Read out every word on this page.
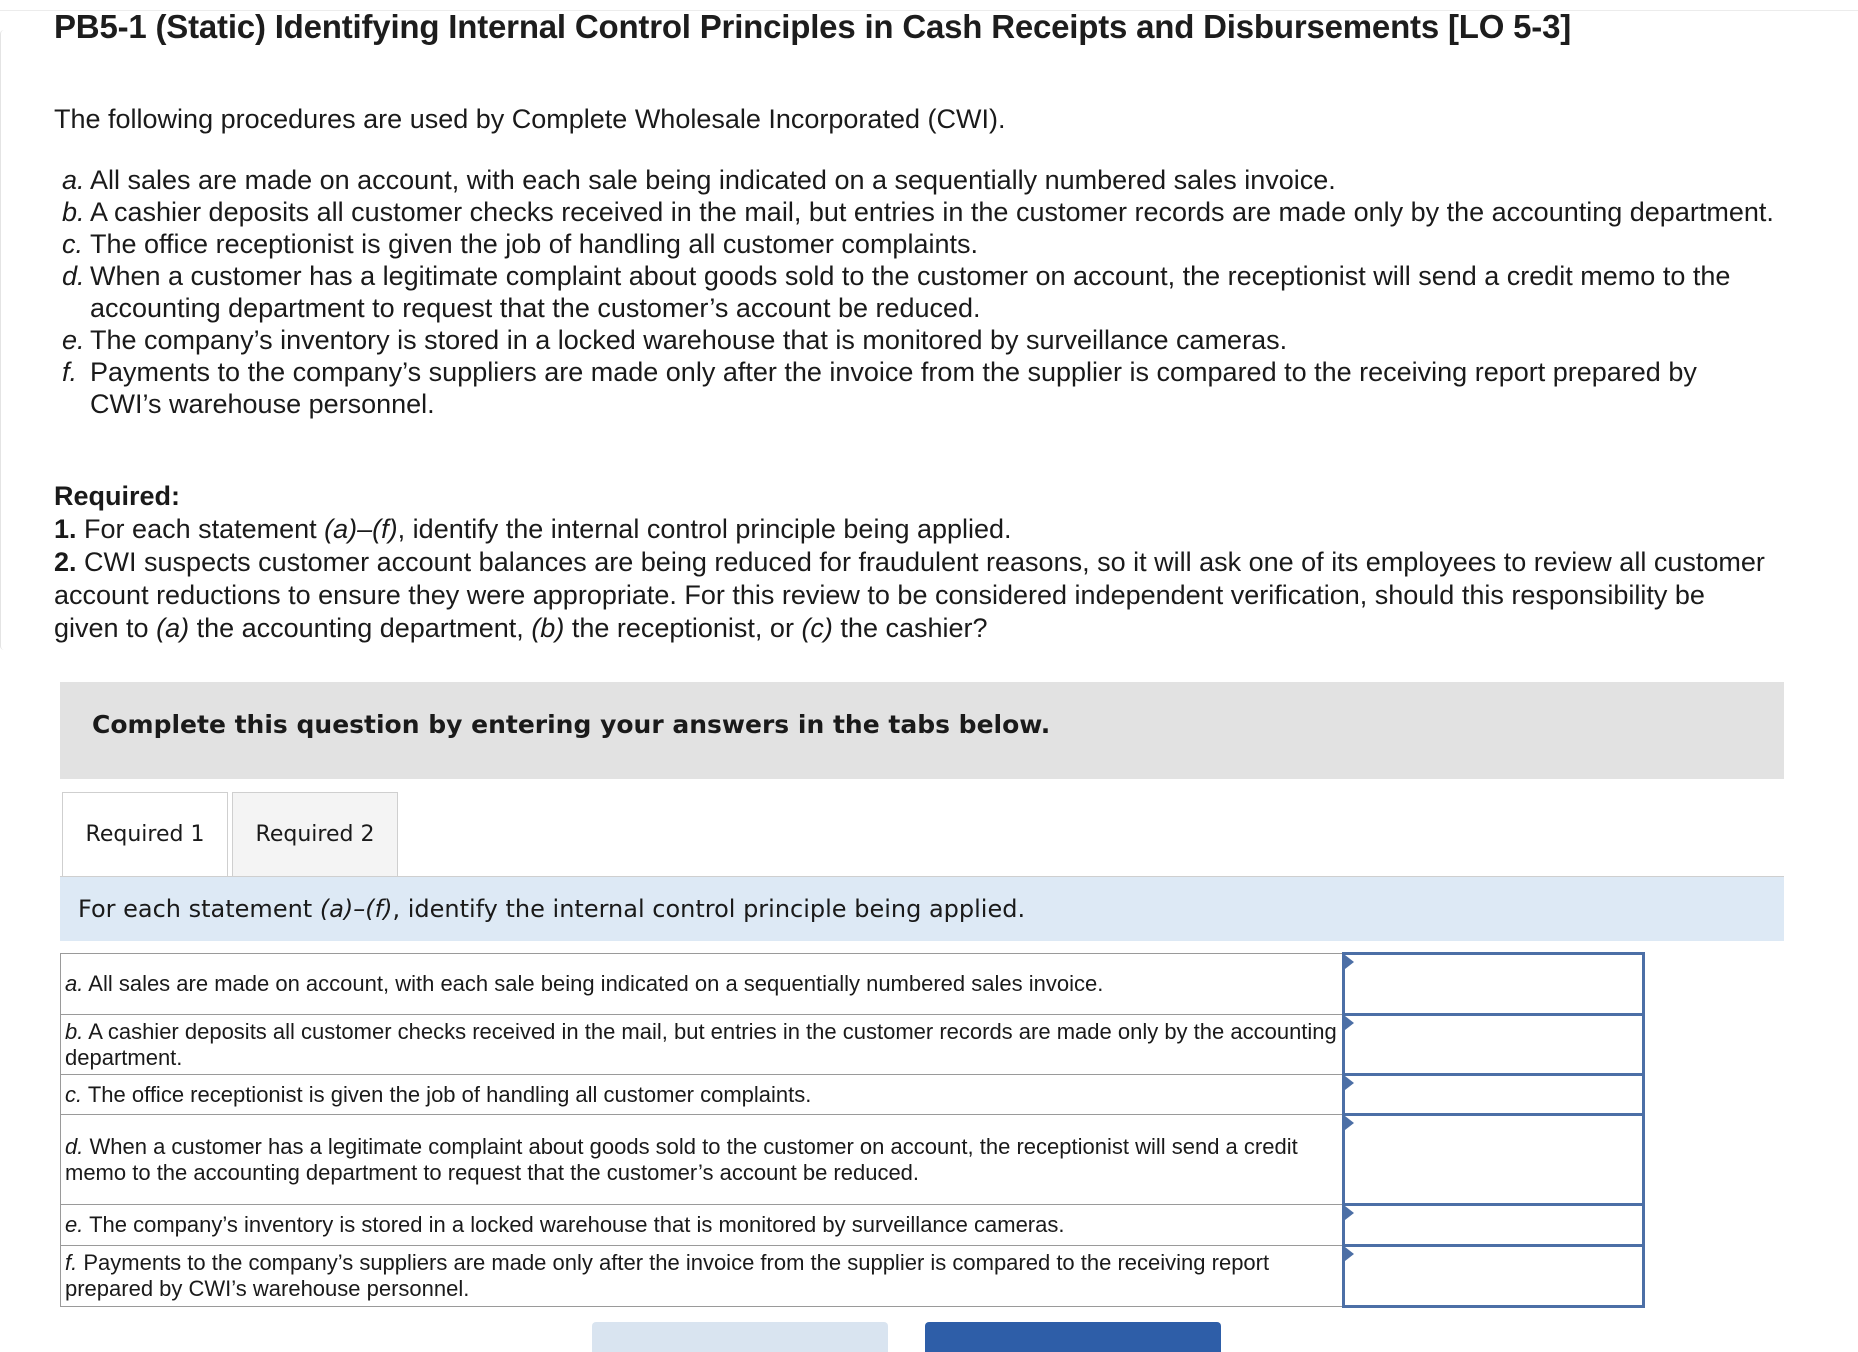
PB5-1 (Static) Identifying Internal Control Principles in Cash Receipts and Disbursements [LO 5-3]
The following procedures are used by Complete Wholesale Incorporated (CWI).
a. All sales are made on account, with each sale being indicated on a sequentially numbered sales invoice.
b. A cashier deposits all customer checks received in the mail, but entries in the customer records are made only by the accounting department.
c. The office receptionist is given the job of handling all customer complaints.
d. When a customer has a legitimate complaint about goods sold to the customer on account, the receptionist will send a credit memo to the accounting department to request that the customer’s account be reduced.
e. The company’s inventory is stored in a locked warehouse that is monitored by surveillance cameras.
f. Payments to the company’s suppliers are made only after the invoice from the supplier is compared to the receiving report prepared by CWI’s warehouse personnel.
Required:
1. For each statement (a)–(f), identify the internal control principle being applied.
2. CWI suspects customer account balances are being reduced for fraudulent reasons, so it will ask one of its employees to review all customer account reductions to ensure they were appropriate. For this review to be considered independent verification, should this responsibility be given to (a) the accounting department, (b) the receptionist, or (c) the cashier?
Complete this question by entering your answers in the tabs below.
Required 1	Required 2
For each statement (a)–(f), identify the internal control principle being applied.
a. All sales are made on account, with each sale being indicated on a sequentially numbered sales invoice.	

b. A cashier deposits all customer checks received in the mail, but entries in the customer records are made only by the accounting department.	

c. The office receptionist is given the job of handling all customer complaints.	

d. When a customer has a legitimate complaint about goods sold to the customer on account, the receptionist will send a credit memo to the accounting department to request that the customer’s account be reduced.	

e. The company’s inventory is stored in a locked warehouse that is monitored by surveillance cameras.	

f. Payments to the company’s suppliers are made only after the invoice from the supplier is compared to the receiving report prepared by CWI’s warehouse personnel.	
